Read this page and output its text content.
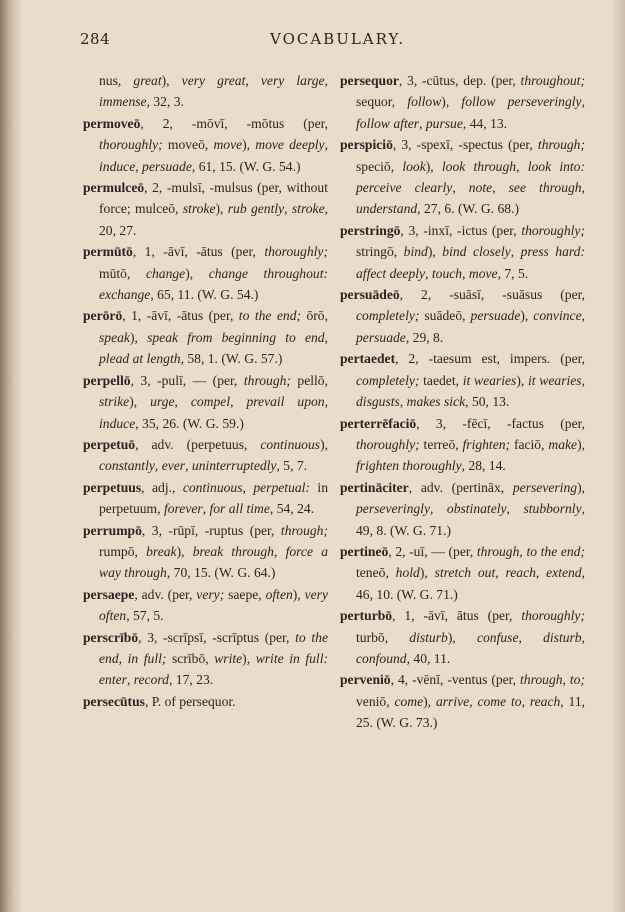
284	VOCABULARY.

nus, great), very great, very large, immense, 32, 3.

permoveō, 2, -mōvī, -mōtus (per, thoroughly; moveō, move), move deeply, induce, persuade, 61, 15. (W. G. 54.)

permulceō, 2, -mulsī, -mulsus (per, without force; mulceō, stroke), rub gently, stroke, 20, 27.

permūtō, 1, -āvī, -ātus (per, thoroughly; mūtō, change), change throughout: exchange, 65, 11. (W. G. 54.)

perōrō, 1, -āvī, -ātus (per, to the end; ōrō, speak), speak from beginning to end, plead at length, 58, 1. (W. G. 57.)

perpellō, 3, -pulī, — (per, through; pellō, strike), urge, compel, prevail upon, induce, 35, 26. (W. G. 59.)

perpetuō, adv. (perpetuus, continuous), constantly, ever, uninterruptedly, 5, 7.

perpetuus, adj., continuous, perpetual: in perpetuum, forever, for all time, 54, 24.

perrumpō, 3, -rūpī, -ruptus (per, through; rumpō, break), break through, force a way through, 70, 15. (W. G. 64.)

persaepe, adv. (per, very; saepe, often), very often, 57, 5.

perscrībō, 3, -scrīpsī, -scrīptus (per, to the end, in full; scrībō, write), write in full: enter, record, 17, 23.

persecūtus, P. of persequor.

persequor, 3, -cūtus, dep. (per, throughout; sequor, follow), follow perseveringly, follow after, pursue, 44, 13.

perspiciō, 3, -spexī, -spectus (per, through; speciō, look), look through, look into: perceive clearly, note, see through, understand, 27, 6. (W. G. 68.)

perstringō, 3, -inxī, -ictus (per, thoroughly; stringō, bind), bind closely, press hard: affect deeply, touch, move, 7, 5.

persuādeō, 2, -suāsī, -suāsus (per, completely; suādeō, persuade), convince, persuade, 29, 8.

pertaedet, 2, -taesum est, impers. (per, completely; taedet, it wearies), it wearies, disgusts, makes sick, 50, 13.

perterrēfaciō, 3, -fēcī, -factus (per, thoroughly; terreō, frighten; faciō, make), frighten thoroughly, 28, 14.

pertināciter, adv. (pertināx, persevering), perseveringly, obstinately, stubbornly, 49, 8. (W. G. 71.)

pertineō, 2, -uī, — (per, through, to the end; teneō, hold), stretch out, reach, extend, 46, 10. (W. G. 71.)

perturbō, 1, -āvī, ātus (per, thoroughly; turbō, disturb), confuse, disturb, confound, 40, 11.

perveniō, 4, -vēnī, -ventus (per, through, to; veniō, come), arrive, come to, reach, 11, 25. (W. G. 73.)
